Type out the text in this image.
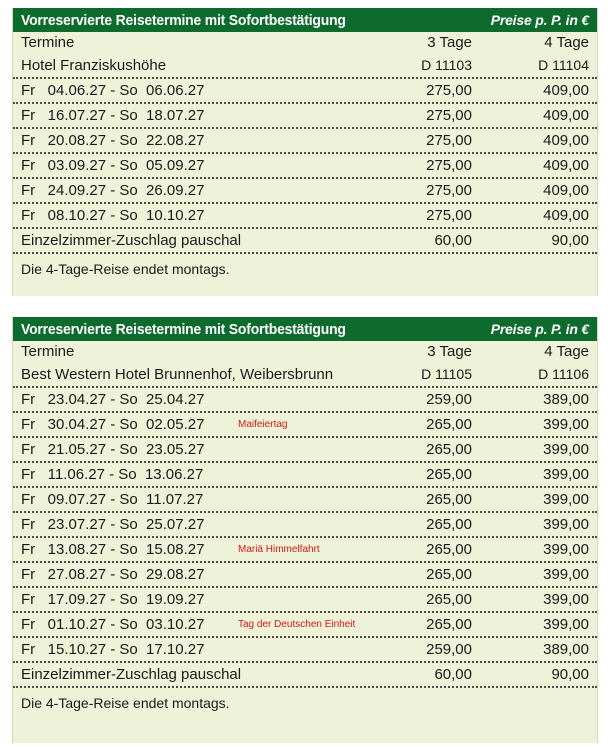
Vorreservierte Reisetermine mit Sofortbestätigung	Preise p. P. in €
Termine	3 Tage	4 Tage
Hotel Franziskushöhe	D 11103	D 11104
Fr   04.06.27 - So  06.06.27	275,00	409,00
Fr   16.07.27 - So  18.07.27	275,00	409,00
Fr   20.08.27 - So  22.08.27	275,00	409,00
Fr   03.09.27 - So  05.09.27	275,00	409,00
Fr   24.09.27 - So  26.09.27	275,00	409,00
Fr   08.10.27 - So  10.10.27	275,00	409,00
Einzelzimmer-Zuschlag pauschal	60,00	90,00
Die 4-Tage-Reise endet montags.
Vorreservierte Reisetermine mit Sofortbestätigung	Preise p. P. in €
Termine	3 Tage	4 Tage
Best Western Hotel Brunnenhof, Weibersbrunn	D 11105	D 11106
Fr   23.04.27 - So  25.04.27	259,00	389,00
Fr   30.04.27 - So  02.05.27	Maifeiertag	265,00	399,00
Fr   21.05.27 - So  23.05.27	265,00	399,00
Fr   11.06.27 - So  13.06.27	265,00	399,00
Fr   09.07.27 - So  11.07.27	265,00	399,00
Fr   23.07.27 - So  25.07.27	265,00	399,00
Fr   13.08.27 - So  15.08.27	Mariä Himmelfahrt	265,00	399,00
Fr   27.08.27 - So  29.08.27	265,00	399,00
Fr   17.09.27 - So  19.09.27	265,00	399,00
Fr   01.10.27 - So  03.10.27	Tag der Deutschen Einheit	265,00	399,00
Fr   15.10.27 - So  17.10.27	259,00	389,00
Einzelzimmer-Zuschlag pauschal	60,00	90,00
Die 4-Tage-Reise endet montags.
